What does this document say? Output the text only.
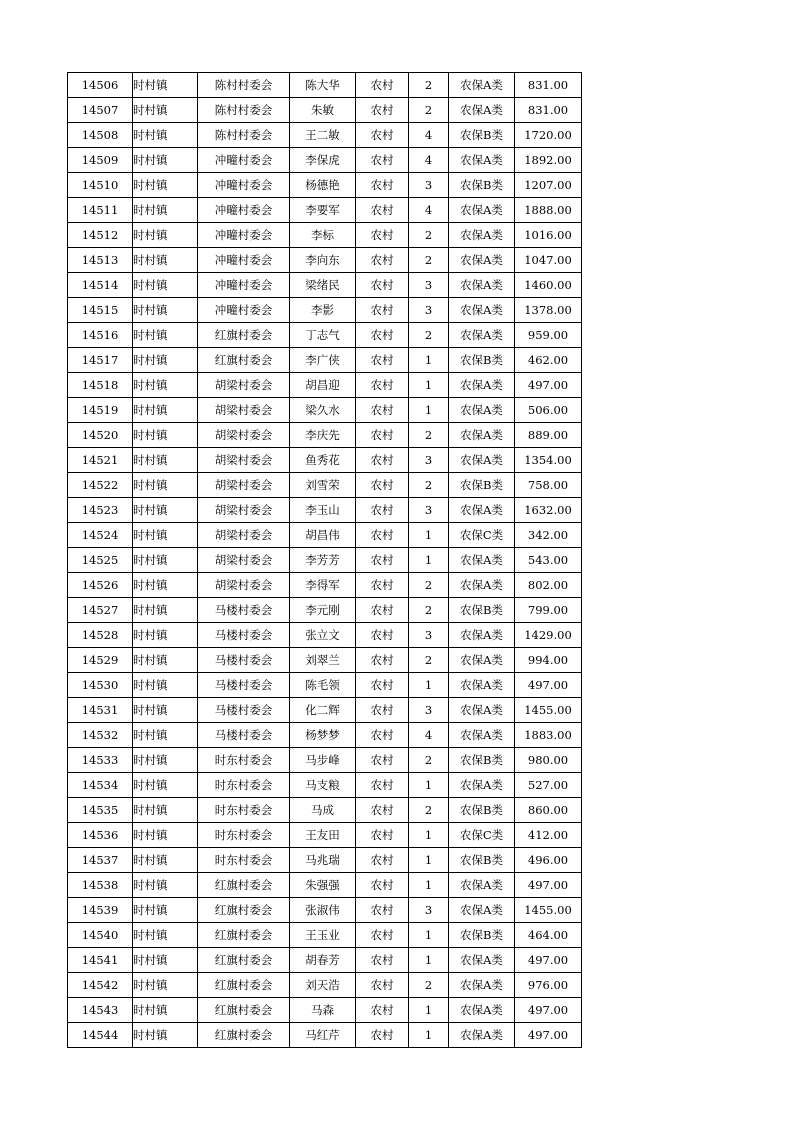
14506	时村镇	陈村村委会	陈大华	农村	2	农保A类	831.00
14507	时村镇	陈村村委会	朱敏	农村	2	农保A类	831.00
14508	时村镇	陈村村委会	王二敏	农村	4	农保B类	1720.00
14509	时村镇	冲疃村委会	李保虎	农村	4	农保A类	1892.00
14510	时村镇	冲疃村委会	杨德艳	农村	3	农保B类	1207.00
14511	时村镇	冲疃村委会	李要军	农村	4	农保A类	1888.00
14512	时村镇	冲疃村委会	李标	农村	2	农保A类	1016.00
14513	时村镇	冲疃村委会	李向东	农村	2	农保A类	1047.00
14514	时村镇	冲疃村委会	梁绪民	农村	3	农保A类	1460.00
14515	时村镇	冲疃村委会	李影	农村	3	农保A类	1378.00
14516	时村镇	红旗村委会	丁志气	农村	2	农保A类	959.00
14517	时村镇	红旗村委会	李广侠	农村	1	农保B类	462.00
14518	时村镇	胡梁村委会	胡昌迎	农村	1	农保A类	497.00
14519	时村镇	胡梁村委会	梁久水	农村	1	农保A类	506.00
14520	时村镇	胡梁村委会	李庆先	农村	2	农保A类	889.00
14521	时村镇	胡梁村委会	鱼秀花	农村	3	农保A类	1354.00
14522	时村镇	胡梁村委会	刘雪荣	农村	2	农保B类	758.00
14523	时村镇	胡梁村委会	李玉山	农村	3	农保A类	1632.00
14524	时村镇	胡梁村委会	胡昌伟	农村	1	农保C类	342.00
14525	时村镇	胡梁村委会	李芳芳	农村	1	农保A类	543.00
14526	时村镇	胡梁村委会	李得军	农村	2	农保A类	802.00
14527	时村镇	马楼村委会	李元刚	农村	2	农保B类	799.00
14528	时村镇	马楼村委会	张立文	农村	3	农保A类	1429.00
14529	时村镇	马楼村委会	刘翠兰	农村	2	农保A类	994.00
14530	时村镇	马楼村委会	陈毛领	农村	1	农保A类	497.00
14531	时村镇	马楼村委会	化二辉	农村	3	农保A类	1455.00
14532	时村镇	马楼村委会	杨梦梦	农村	4	农保A类	1883.00
14533	时村镇	时东村委会	马步峰	农村	2	农保B类	980.00
14534	时村镇	时东村委会	马支粮	农村	1	农保A类	527.00
14535	时村镇	时东村委会	马成	农村	2	农保B类	860.00
14536	时村镇	时东村委会	王友田	农村	1	农保C类	412.00
14537	时村镇	时东村委会	马兆瑞	农村	1	农保B类	496.00
14538	时村镇	红旗村委会	朱强强	农村	1	农保A类	497.00
14539	时村镇	红旗村委会	张淑伟	农村	3	农保A类	1455.00
14540	时村镇	红旗村委会	王玉业	农村	1	农保B类	464.00
14541	时村镇	红旗村委会	胡春芳	农村	1	农保A类	497.00
14542	时村镇	红旗村委会	刘天浩	农村	2	农保A类	976.00
14543	时村镇	红旗村委会	马森	农村	1	农保A类	497.00
14544	时村镇	红旗村委会	马红芹	农村	1	农保A类	497.00
